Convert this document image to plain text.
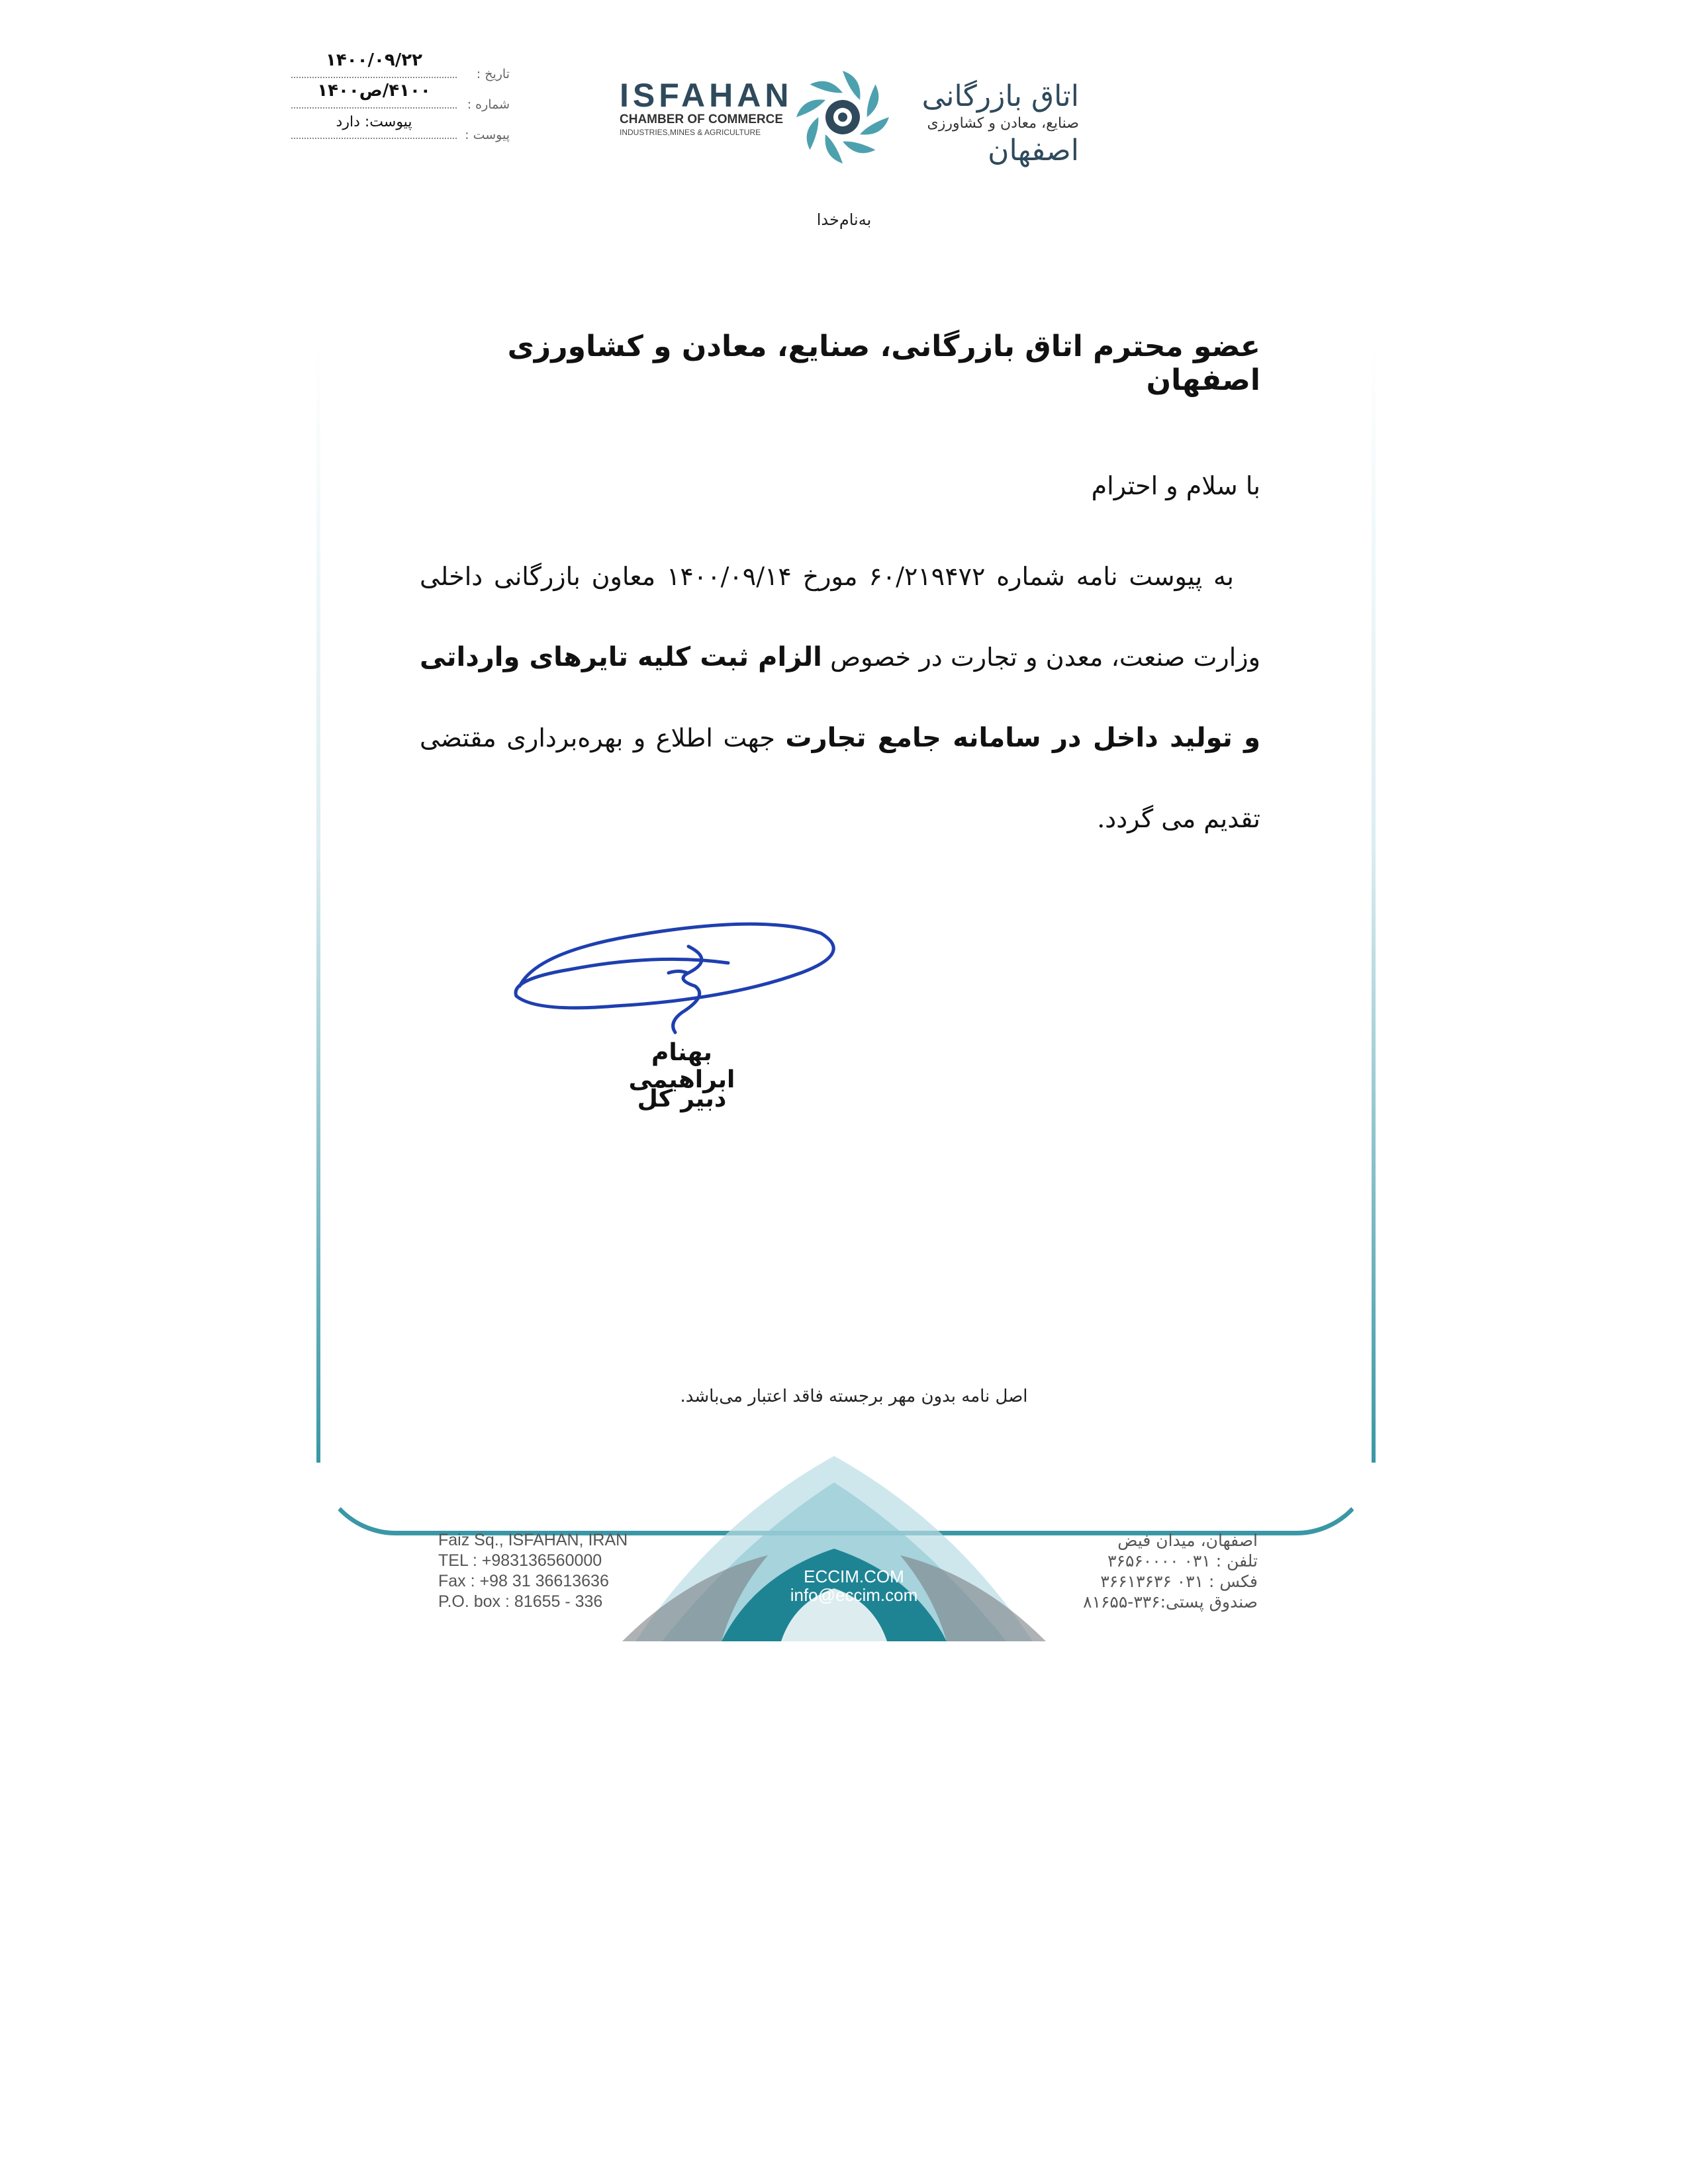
تاریخ :
۱۴۰۰/۰۹/۲۲
شماره :
۴۱۰۰/ص۱۴۰۰
پیوست :
پیوست: دارد
ISFAHAN
CHAMBER OF COMMERCE
INDUSTRIES,MINES & AGRICULTURE
اتاق بازرگانی
صنایع، معادن و کشاورزی
اصفهان
به‌نام‌خدا
عضو محترم اتاق بازرگانی، صنایع، معادن و کشاورزی اصفهان
با سلام و احترام
به پیوست نامه شماره ۶۰/۲۱۹۴۷۲ مورخ ۱۴۰۰/۰۹/۱۴ معاون بازرگانی داخلی وزارت صنعت، معدن و تجارت در خصوص الزام ثبت کلیه تایرهای وارداتی و تولید داخل در سامانه جامع تجارت جهت اطلاع و بهره‌برداری مقتضی تقدیم می گردد.
بهنام ابراهیمی
دبیر کل
اصل نامه بدون مهر برجسته فاقد اعتبار می‌باشد.
ECCIM.COM
info@eccim.com
Faiz Sq., ISFAHAN, IRAN
TEL : +983136560000
Fax : +98 31 36613636
P.O. box : 81655 - 336
اصفهان، میدان فیض
تلفن : ۰۳۱ ۳۶۵۶۰۰۰۰
فکس : ۰۳۱ ۳۶۶۱۳۶۳۶
صندوق پستی:۳۳۶-۸۱۶۵۵
